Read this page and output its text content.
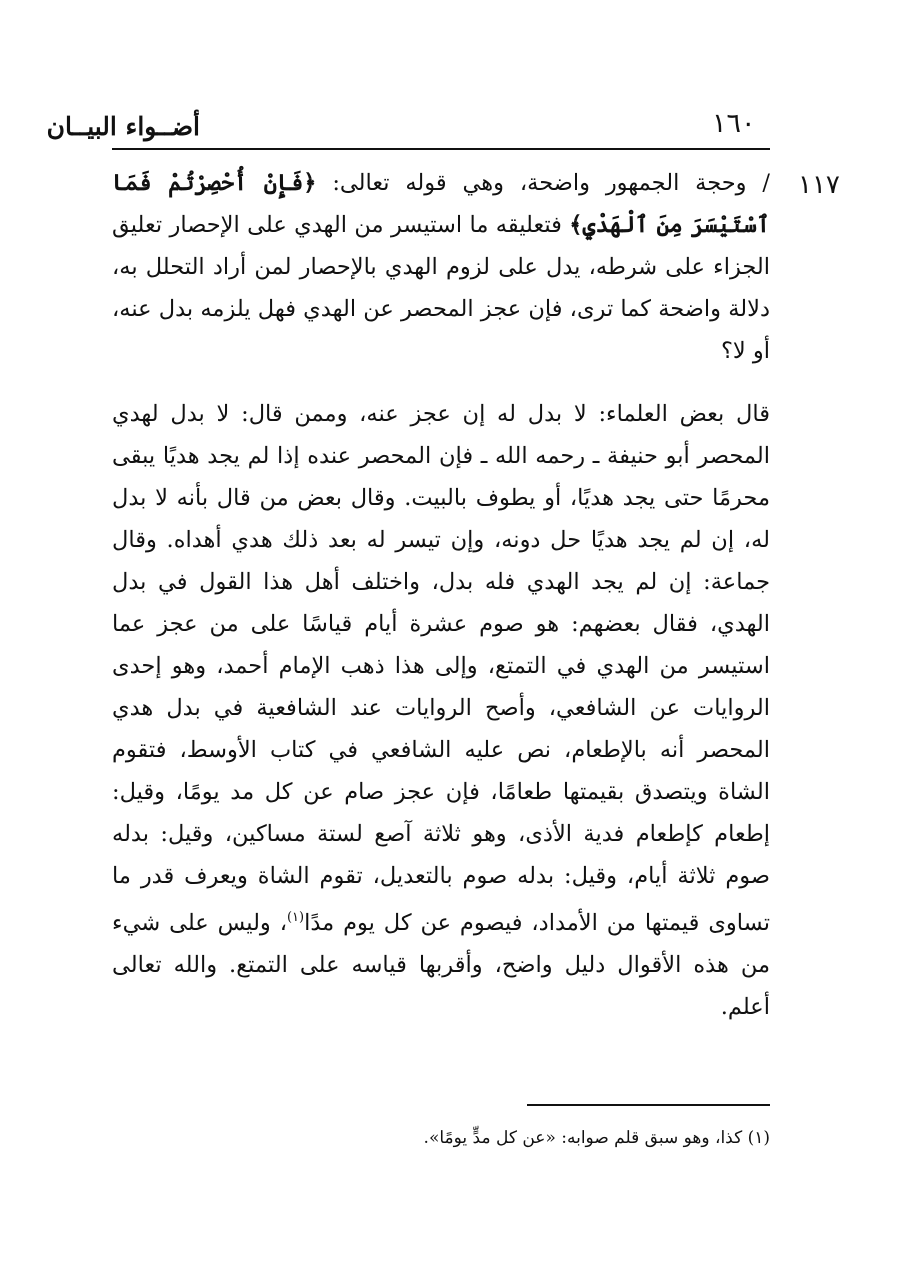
أضــواء البيــان	١٦٠
١١٧

/ وحجة الجمهور واضحة، وهي قوله تعالى: ﴿فَإِنْ أُحْصِرْتُمْ فَمَا ٱسْتَيْسَرَ مِنَ ٱلْهَدْيِ﴾ فتعليقه ما استيسر من الهدي على الإحصار تعليق الجزاء على شرطه، يدل على لزوم الهدي بالإحصار لمن أراد التحلل به، دلالة واضحة كما ترى، فإن عجز المحصر عن الهدي فهل يلزمه بدل عنه، أو لا؟

قال بعض العلماء: لا بدل له إن عجز عنه، وممن قال: لا بدل لهدي المحصر أبو حنيفة ـ رحمه الله ـ فإن المحصر عنده إذا لم يجد هديًا يبقى محرمًا حتى يجد هديًا، أو يطوف بالبيت. وقال بعض من قال بأنه لا بدل له، إن لم يجد هديًا حل دونه، وإن تيسر له بعد ذلك هدي أهداه. وقال جماعة: إن لم يجد الهدي فله بدل، واختلف أهل هذا القول في بدل الهدي، فقال بعضهم: هو صوم عشرة أيام قياسًا على من عجز عما استيسر من الهدي في التمتع، وإلى هذا ذهب الإمام أحمد، وهو إحدى الروايات عن الشافعي، وأصح الروايات عند الشافعية في بدل هدي المحصر أنه بالإطعام، نص عليه الشافعي في كتاب الأوسط، فتقوم الشاة ويتصدق بقيمتها طعامًا، فإن عجز صام عن كل مد يومًا، وقيل: إطعام كإطعام فدية الأذى، وهو ثلاثة آصع لستة مساكين، وقيل: بدله صوم ثلاثة أيام، وقيل: بدله صوم بالتعديل، تقوم الشاة ويعرف قدر ما تساوى قيمتها من الأمداد، فيصوم عن كل يوم مدًا$^{(١)}$، وليس على شيء من هذه الأقوال دليل واضح، وأقربها قياسه على التمتع. والله تعالى أعلم.

(١) كذا، وهو سبق قلم صوابه: «عن كل مدٍّ يومًا».
